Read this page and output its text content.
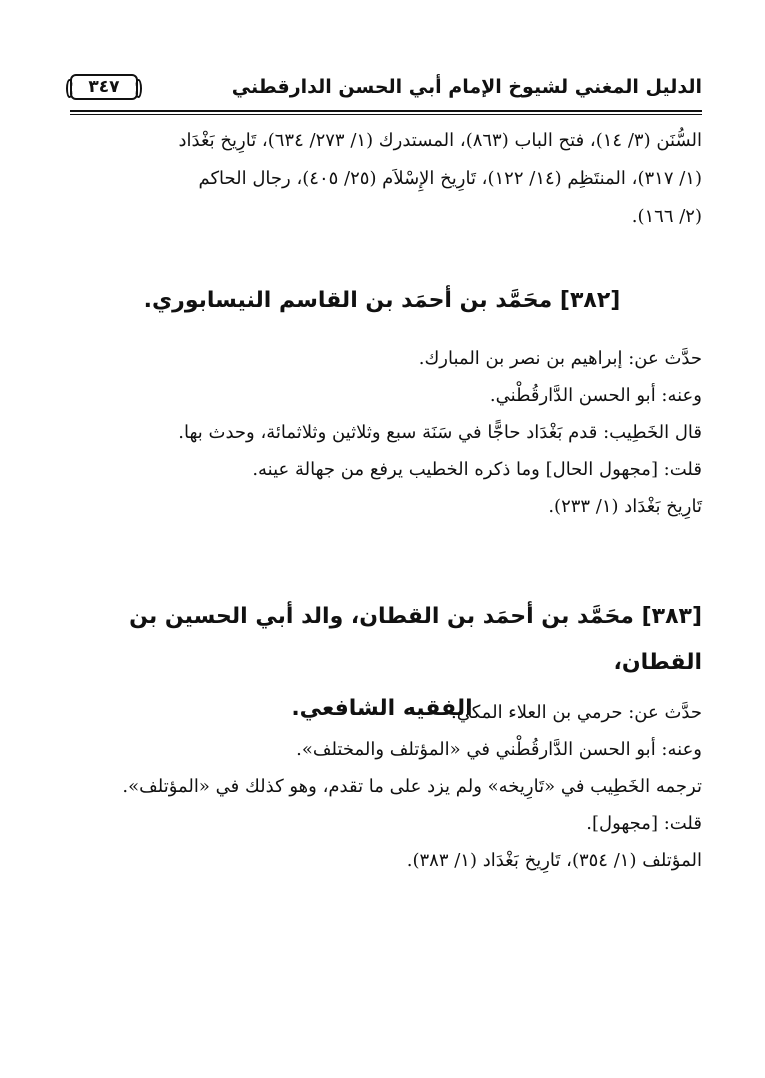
الدليل المغني لشيوخ الإمام أبي الحسن الدارقطني
٣٤٧

السُّنَن (٣/ ١٤)، فتح الباب (٨٦٣)، المستدرك (١/ ٢٧٣/ ٦٣٤)، تَارِيخ بَغْدَاد

(١/ ٣١٧)، المنتَظِم (١٤/ ١٢٢)، تَارِيخ الإِسْلاَم (٢٥/ ٤٠٥)، رجال الحاكم

(٢/ ١٦٦).

[٣٨٢] محَمَّد بن أحمَد بن القاسم النيسابوري.

حدَّث عن: إبراهيم بن نصر بن المبارك.

وعنه: أبو الحسن الدَّارقُطْني.

قال الخَطِيب: قدم بَغْدَاد حاجًّا في سَنَة سبع وثلاثين وثلاثمائة، وحدث بها.

قلت: [مجهول الحال] وما ذكره الخطيب يرفع من جهالة عينه.

تَارِيخ بَغْدَاد (١/ ٢٣٣).

[٣٨٣] محَمَّد بن أحمَد بن القطان، والد أبي الحسين بن القطان،
الفقيه الشافعي.

حدَّث عن: حرمي بن العلاء المكي.

وعنه: أبو الحسن الدَّارقُطْني في «المؤتلف والمختلف».

ترجمه الخَطِيب في «تَارِيخه» ولم يزد على ما تقدم، وهو كذلك في «المؤتلف».

قلت: [مجهول].

المؤتلف (١/ ٣٥٤)، تَارِيخ بَغْدَاد (١/ ٣٨٣).
